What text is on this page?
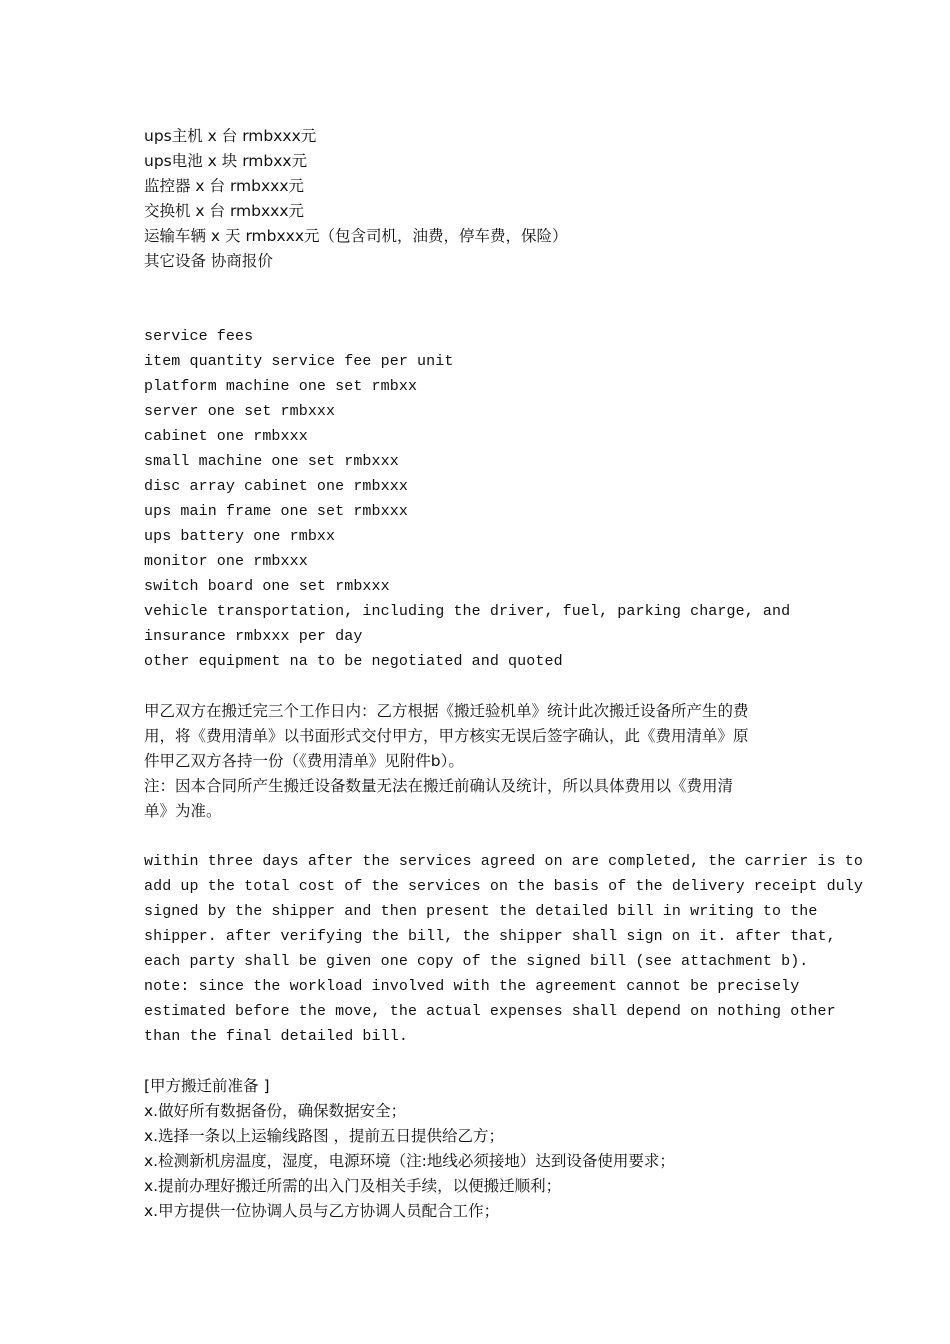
ups主机 x 台 rmbxxx元
ups电池 x 块 rmbxx元
监控器 x 台 rmbxxx元
交换机 x 台 rmbxxx元
运输车辆 x 天 rmbxxx元（包含司机，油费，停车费，保险）
其它设备 协商报价
service fees
item quantity service fee per unit
platform machine one set rmbxx
server one set rmbxxx
cabinet one rmbxxx
small machine one set rmbxxx
disc array cabinet one rmbxxx
ups main frame one set rmbxxx
ups battery one rmbxx
monitor one rmbxxx
switch board one set rmbxxx
vehicle transportation, including the driver, fuel, parking charge, and
insurance rmbxxx per day
other equipment na to be negotiated and quoted
甲乙双方在搬迁完三个工作日内：乙方根据《搬迁验机单》统计此次搬迁设备所产生的费
用，将《费用清单》以书面形式交付甲方，甲方核实无误后签字确认，此《费用清单》原
件甲乙双方各持一份（《费用清单》见附件b）。
注：因本合同所产生搬迁设备数量无法在搬迁前确认及统计，所以具体费用以《费用清
单》为准。
within three days after the services agreed on are completed, the carrier is to
add up the total cost of the services on the basis of the delivery receipt duly
signed by the shipper and then present the detailed bill in writing to the
shipper. after verifying the bill, the shipper shall sign on it. after that,
each party shall be given one copy of the signed bill (see attachment b).
note: since the workload involved with the agreement cannot be precisely
estimated before the move, the actual expenses shall depend on nothing other
than the final detailed bill.
[甲方搬迁前准备 ]
x.做好所有数据备份，确保数据安全；
x.选择一条以上运输线路图 ，提前五日提供给乙方；
x.检测新机房温度，湿度，电源环境（注:地线必须接地）达到设备使用要求；
x.提前办理好搬迁所需的出入门及相关手续，以便搬迁顺利；
x.甲方提供一位协调人员与乙方协调人员配合工作；
